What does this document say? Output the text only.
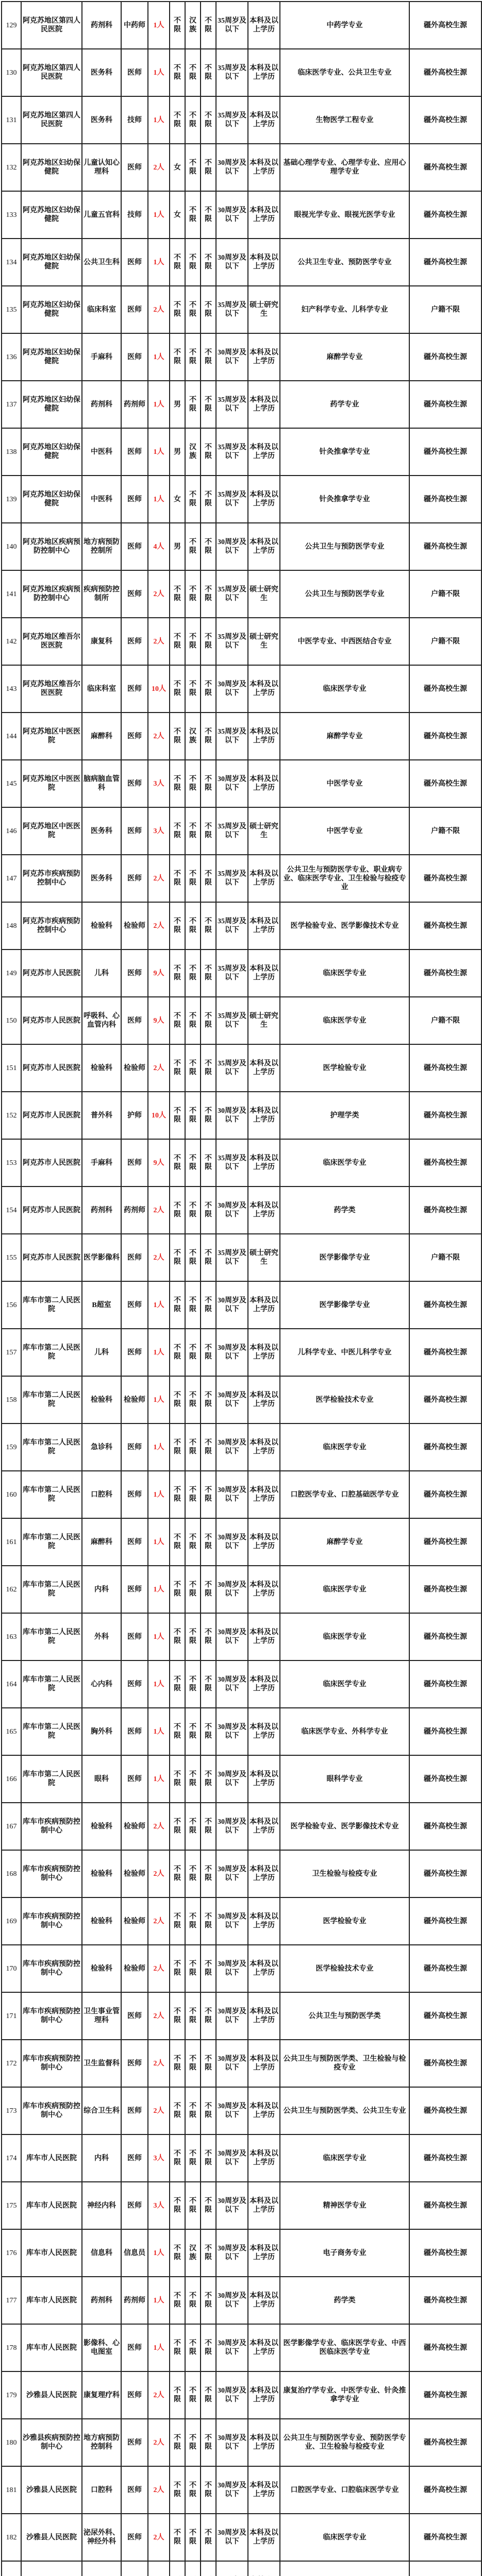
129	阿克苏地区第四人民医院	药剂科	中药师	1人	不限	汉族	不限	35周岁及以下	本科及以上学历	中药学专业	疆外高校生源
130	阿克苏地区第四人民医院	医务科	医师	1人	不限	不限	不限	35周岁及以下	本科及以上学历	临床医学专业、公共卫生专业	疆外高校生源
131	阿克苏地区第四人民医院	医务科	技师	1人	不限	不限	不限	35周岁及以下	本科及以上学历	生物医学工程专业	疆外高校生源
132	阿克苏地区妇幼保健院	儿童认知心理科	医师	2人	女	不限	不限	30周岁及以下	本科及以上学历	基础心理学专业、心理学专业、应用心理学专业	疆外高校生源
133	阿克苏地区妇幼保健院	儿童五官科	技师	1人	女	不限	不限	30周岁及以下	本科及以上学历	眼视光学专业、眼视光医学专业	疆外高校生源
134	阿克苏地区妇幼保健院	公共卫生科	医师	1人	不限	不限	不限	30周岁及以下	本科及以上学历	公共卫生专业、预防医学专业	疆外高校生源
135	阿克苏地区妇幼保健院	临床科室	医师	2人	不限	不限	不限	35周岁及以下	硕士研究生	妇产科学专业、儿科学专业	户籍不限
136	阿克苏地区妇幼保健院	手麻科	医师	1人	不限	不限	不限	30周岁及以下	本科及以上学历	麻醉学专业	疆外高校生源
137	阿克苏地区妇幼保健院	药剂科	药剂师	1人	男	不限	不限	35周岁及以下	本科及以上学历	药学专业	疆外高校生源
138	阿克苏地区妇幼保健院	中医科	医师	1人	男	汉族	不限	35周岁及以下	本科及以上学历	针灸推拿学专业	疆外高校生源
139	阿克苏地区妇幼保健院	中医科	医师	1人	女	不限	不限	35周岁及以下	本科及以上学历	针灸推拿学专业	疆外高校生源
140	阿克苏地区疾病预防控制中心	地方病预防控制所	医师	4人	男	不限	不限	30周岁及以下	本科及以上学历	公共卫生与预防医学专业	疆外高校生源
141	阿克苏地区疾病预防控制中心	疾病预防控制所	医师	2人	不限	不限	不限	35周岁及以下	硕士研究生	公共卫生与预防医学专业	户籍不限
142	阿克苏地区维吾尔医医院	康复科	医师	2人	不限	不限	不限	35周岁及以下	硕士研究生	中医学专业、中西医结合专业	户籍不限
143	阿克苏地区维吾尔医医院	临床科室	医师	10人	不限	不限	不限	30周岁及以下	本科及以上学历	临床医学专业	疆外高校生源
144	阿克苏地区中医医院	麻醉科	医师	2人	不限	汉族	不限	35周岁及以下	本科及以上学历	麻醉学专业	疆外高校生源
145	阿克苏地区中医医院	脑病脑血管科	医师	3人	不限	不限	不限	30周岁及以下	本科及以上学历	中医学专业	疆外高校生源
146	阿克苏地区中医医院	医务科	医师	3人	不限	不限	不限	35周岁及以下	硕士研究生	中医学专业	户籍不限
147	阿克苏市疾病预防控制中心	医务科	医师	2人	不限	不限	不限	35周岁及以下	本科及以上学历	公共卫生与预防医学专业、职业病专业、临床医学专业、卫生检验与检疫专业	疆外高校生源
148	阿克苏市疾病预防控制中心	检验科	检验师	2人	不限	不限	不限	35周岁及以下	本科及以上学历	医学检验专业、医学影像技术专业	疆外高校生源
149	阿克苏市人民医院	儿科	医师	9人	不限	不限	不限	35周岁及以下	本科及以上学历	临床医学专业	疆外高校生源
150	阿克苏市人民医院	呼吸科、心血管内科	医师	9人	不限	不限	不限	35周岁及以下	硕士研究生	临床医学专业	户籍不限
151	阿克苏市人民医院	检验科	检验师	2人	不限	不限	不限	35周岁及以下	本科及以上学历	医学检验专业	疆外高校生源
152	阿克苏市人民医院	普外科	护师	10人	不限	不限	不限	30周岁及以下	本科及以上学历	护理学类	疆外高校生源
153	阿克苏市人民医院	手麻科	医师	9人	不限	不限	不限	35周岁及以下	本科及以上学历	临床医学专业	疆外高校生源
154	阿克苏市人民医院	药剂科	药剂师	2人	不限	不限	不限	30周岁及以下	本科及以上学历	药学类	疆外高校生源
155	阿克苏市人民医院	医学影像科	医师	2人	不限	不限	不限	35周岁及以下	硕士研究生	医学影像学专业	户籍不限
156	库车市第二人民医院	B超室	医师	1人	不限	不限	不限	30周岁及以下	本科及以上学历	医学影像学专业	疆外高校生源
157	库车市第二人民医院	儿科	医师	1人	不限	不限	不限	30周岁及以下	本科及以上学历	儿科学专业、中医儿科学专业	疆外高校生源
158	库车市第二人民医院	检验科	检验师	1人	不限	不限	不限	30周岁及以下	本科及以上学历	医学检验技术专业	疆外高校生源
159	库车市第二人民医院	急诊科	医师	1人	不限	不限	不限	30周岁及以下	本科及以上学历	临床医学专业	疆外高校生源
160	库车市第二人民医院	口腔科	医师	1人	不限	不限	不限	30周岁及以下	本科及以上学历	口腔医学专业、口腔基础医学专业	疆外高校生源
161	库车市第二人民医院	麻醉科	医师	1人	不限	不限	不限	30周岁及以下	本科及以上学历	麻醉学专业	疆外高校生源
162	库车市第二人民医院	内科	医师	1人	不限	不限	不限	30周岁及以下	本科及以上学历	临床医学专业	疆外高校生源
163	库车市第二人民医院	外科	医师	1人	不限	不限	不限	30周岁及以下	本科及以上学历	临床医学专业	疆外高校生源
164	库车市第二人民医院	心内科	医师	1人	不限	不限	不限	30周岁及以下	本科及以上学历	临床医学专业	疆外高校生源
165	库车市第二人民医院	胸外科	医师	1人	不限	不限	不限	30周岁及以下	本科及以上学历	临床医学专业、外科学专业	疆外高校生源
166	库车市第二人民医院	眼科	医师	1人	不限	不限	不限	30周岁及以下	本科及以上学历	眼科学专业	疆外高校生源
167	库车市疾病预防控制中心	检验科	检验师	2人	不限	不限	不限	30周岁及以下	本科及以上学历	医学检验专业、医学影像技术专业	疆外高校生源
168	库车市疾病预防控制中心	检验科	检验师	2人	不限	不限	不限	30周岁及以下	本科及以上学历	卫生检验与检疫专业	疆外高校生源
169	库车市疾病预防控制中心	检验科	检验师	2人	不限	不限	不限	30周岁及以下	本科及以上学历	医学检验专业	疆外高校生源
170	库车市疾病预防控制中心	检验科	检验师	2人	不限	不限	不限	30周岁及以下	本科及以上学历	医学检验技术专业	疆外高校生源
171	库车市疾病预防控制中心	卫生事业管理科	医师	2人	不限	不限	不限	30周岁及以下	本科及以上学历	公共卫生与预防医学类	疆外高校生源
172	库车市疾病预防控制中心	卫生监督科	医师	2人	不限	不限	不限	30周岁及以下	本科及以上学历	公共卫生与预防医学类、卫生检验与检疫专业	疆外高校生源
173	库车市疾病预防控制中心	综合卫生科	医师	2人	不限	不限	不限	30周岁及以下	本科及以上学历	公共卫生与预防医学类、公共卫生专业	疆外高校生源
174	库车市人民医院	内科	医师	3人	不限	不限	不限	30周岁及以下	本科及以上学历	临床医学专业	疆外高校生源
175	库车市人民医院	神经内科	医师	3人	不限	不限	不限	30周岁及以下	本科及以上学历	精神医学专业	疆外高校生源
176	库车市人民医院	信息科	信息员	1人	不限	汉族	不限	30周岁及以下	本科及以上学历	电子商务专业	疆外高校生源
177	库车市人民医院	药剂科	药剂师	1人	不限	不限	不限	30周岁及以下	本科及以上学历	药学类	疆外高校生源
178	库车市人民医院	影像科、心电图室	医师	1人	不限	不限	不限	30周岁及以下	本科及以上学历	医学影像学专业、临床医学专业、中西医临床医学专业	疆外高校生源
179	沙雅县人民医院	康复理疗科	医师	2人	不限	不限	不限	30周岁及以下	本科及以上学历	康复治疗学专业、中医学专业、针灸推拿学专业	疆外高校生源
180	沙雅县疾病预防控制中心	地方病预防控制科	医师	2人	不限	不限	不限	30周岁及以下	本科及以上学历	公共卫生与预防医学专业、预防医学专业、卫生检验与检疫专业	疆外高校生源
181	沙雅县人民医院	口腔科	医师	2人	不限	不限	不限	30周岁及以下	本科及以上学历	口腔医学专业、口腔临床医学专业	疆外高校生源
182	沙雅县人民医院	泌尿外科、神经外科	医师	2人	不限	不限	不限	30周岁及以下	本科及以上学历	临床医学专业	疆外高校生源
